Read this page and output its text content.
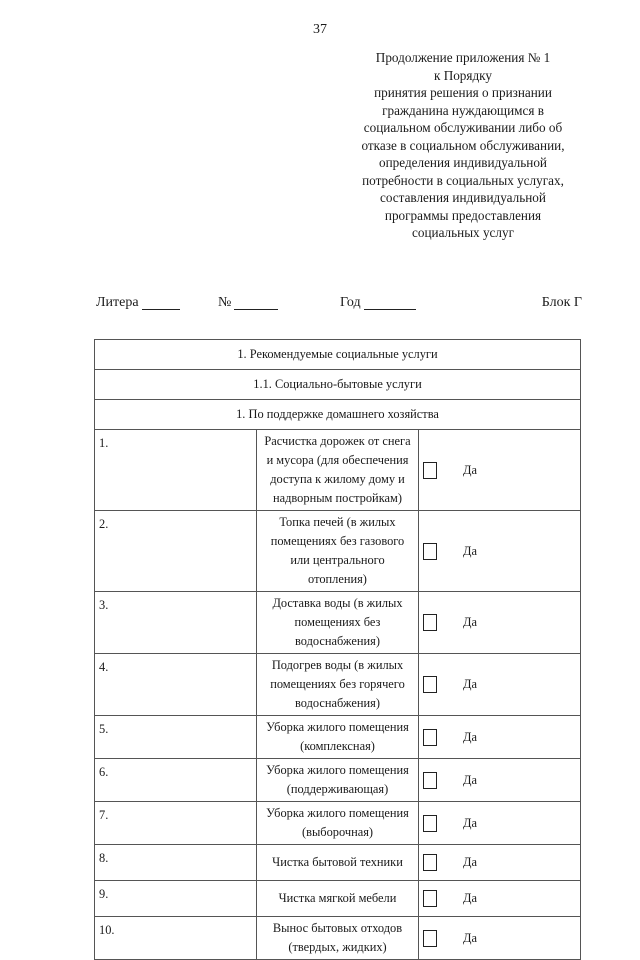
37
Продолжение приложения № 1
к Порядку
принятия решения о признании
гражданина нуждающимся в
социальном обслуживании либо об
отказе в социальном обслуживании,
определения индивидуальной
потребности в социальных услугах,
составления индивидуальной
программы предоставления
социальных услуг
Литера	№	Год	Блок Г
1. Рекомендуемые социальные услуги		
1.1. Социально-бытовые услуги		
1. По поддержке домашнего хозяйства		
1.	Расчистка дорожек от снега и мусора (для обеспечения доступа к жилому дому и надворным постройкам)	Да

2.	Топка печей (в жилых помещениях без газового или центрального отопления)	Да

3.	Доставка воды (в жилых помещениях без водоснабжения)	Да

4.	Подогрев воды (в жилых помещениях без горячего водоснабжения)	Да

5.	Уборка жилого помещения (комплексная)	Да

6.	Уборка жилого помещения (поддерживающая)	Да

7.	Уборка жилого помещения (выборочная)	Да

8.	Чистка бытовой техники	Да

9.	Чистка мягкой мебели	Да

10.	Вынос бытовых отходов (твердых, жидких)	Да
